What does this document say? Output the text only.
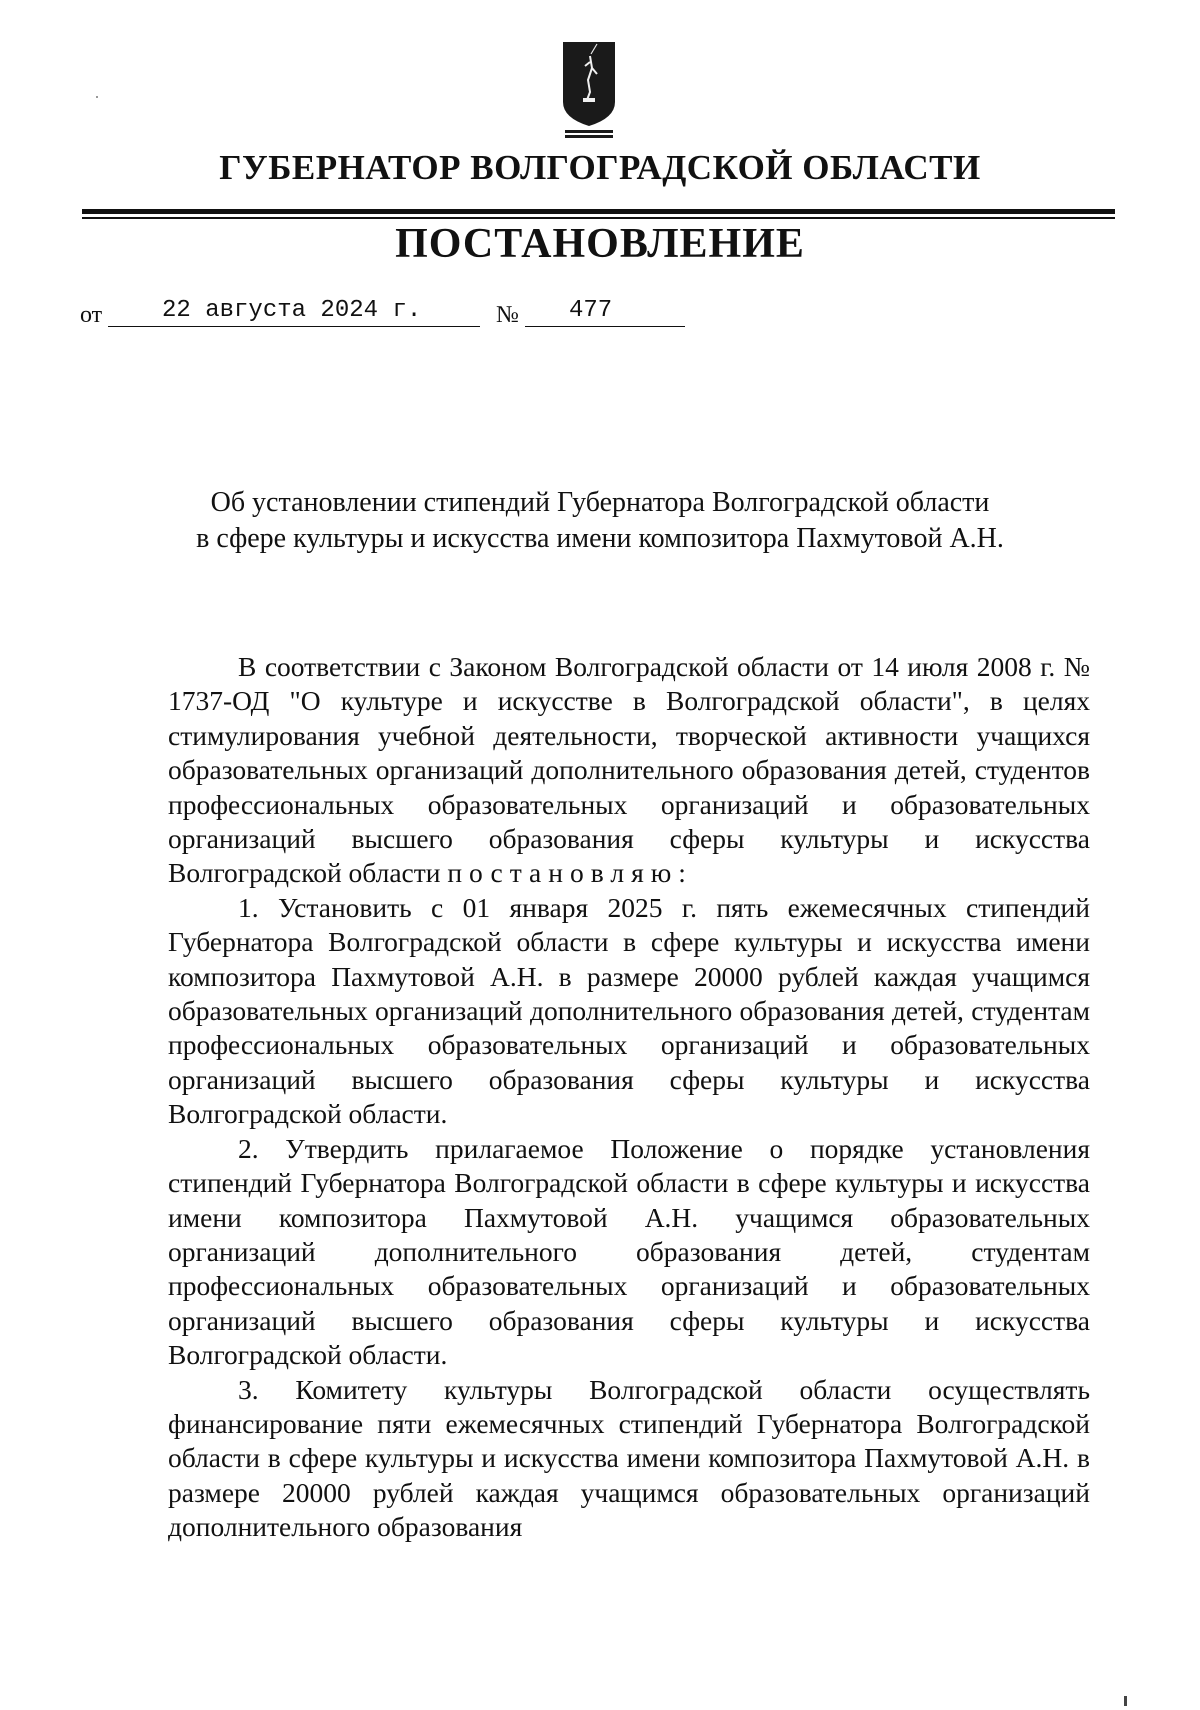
ГУБЕРНАТОР ВОЛГОГРАДСКОЙ ОБЛАСТИ
ПОСТАНОВЛЕНИЕ
от 22 августа 2024 г.	№ 477
Об установлении стипендий Губернатора Волгоградской области
в сфере культуры и искусства имени композитора Пахмутовой А.Н.

В соответствии с Законом Волгоградской области от 14 июля 2008 г. № 1737-ОД "О культуре и искусстве в Волгоградской области", в целях стимулирования учебной деятельности, творческой активности учащихся образовательных организаций дополнительного образования детей, студентов профессиональных образовательных организаций и образовательных организаций высшего образования сферы культуры и искусства Волгоградской области постановляю:

1. Установить с 01 января 2025 г. пять ежемесячных стипендий Губернатора Волгоградской области в сфере культуры и искусства имени композитора Пахмутовой А.Н. в размере 20000 рублей каждая учащимся образовательных организаций дополнительного образования детей, студентам профессиональных образовательных организаций и образовательных организаций высшего образования сферы культуры и искусства Волгоградской области.

2. Утвердить прилагаемое Положение о порядке установления стипендий Губернатора Волгоградской области в сфере культуры и искусства имени композитора Пахмутовой А.Н. учащимся образовательных организаций дополнительного образования детей, студентам профессиональных образовательных организаций и образовательных организаций высшего образования сферы культуры и искусства Волгоградской области.

3. Комитету культуры Волгоградской области осуществлять финансирование пяти ежемесячных стипендий Губернатора Волгоградской области в сфере культуры и искусства имени композитора Пахмутовой А.Н. в размере 20000 рублей каждая учащимся образовательных организаций дополнительного образования
